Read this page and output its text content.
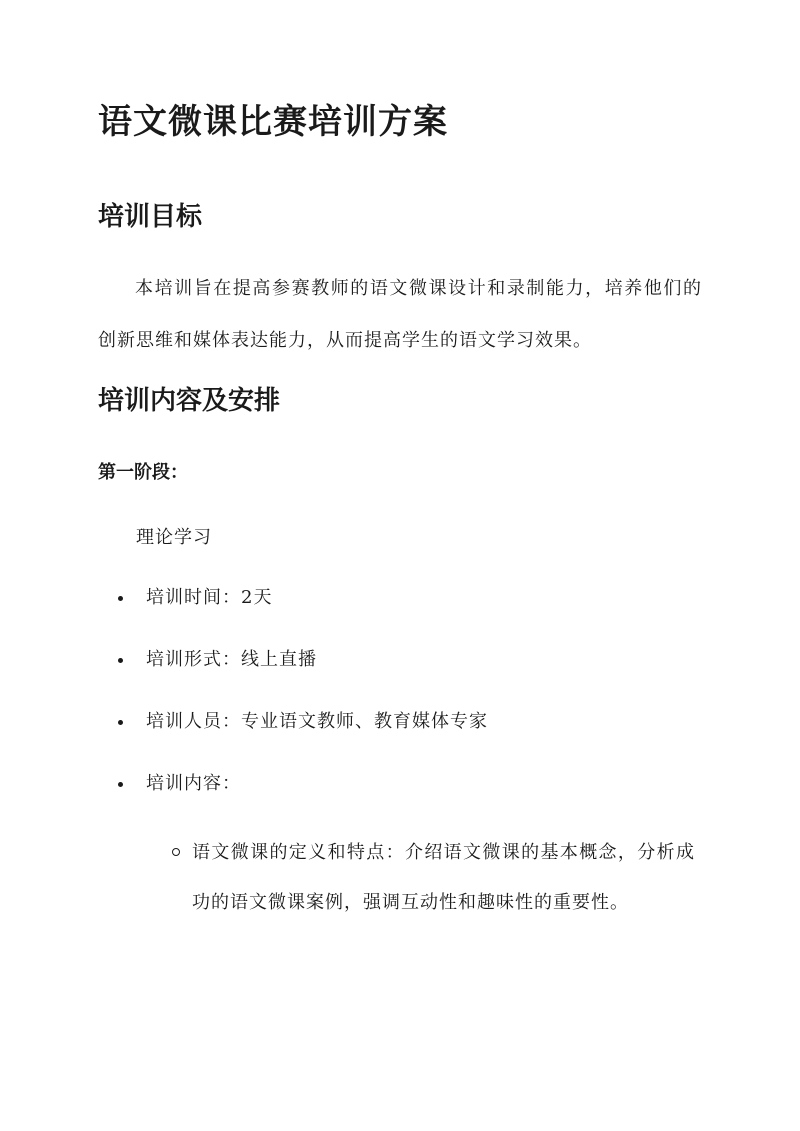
语文微课比赛培训方案
培训目标

本培训旨在提高参赛教师的语文微课设计和录制能力，培养他们的创新思维和媒体表达能力，从而提高学生的语文学习效果。

培训内容及安排
第一阶段：

理论学习

培训时间：2天
培训形式：线上直播
培训人员：专业语文教师、教育媒体专家
培训内容：
语文微课的定义和特点：介绍语文微课的基本概念，分析成功的语文微课案例，强调互动性和趣味性的重要性。
